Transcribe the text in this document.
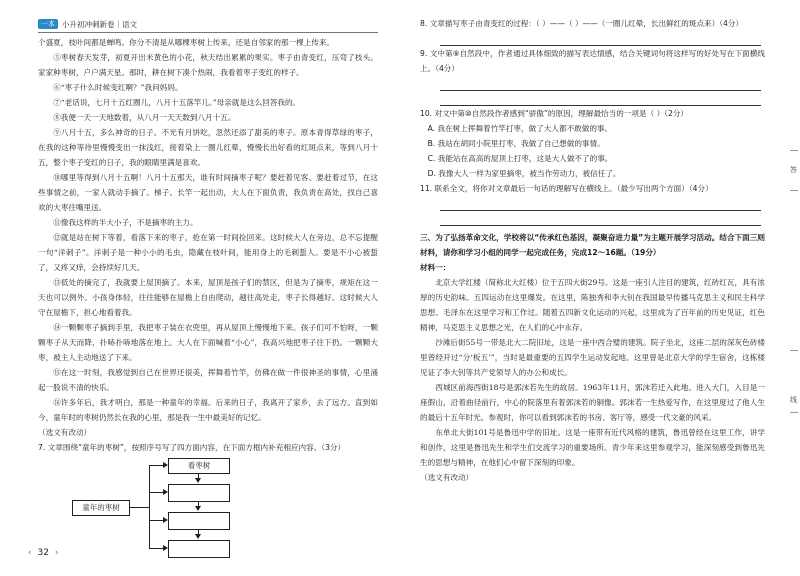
一本 小升初冲刺新卷｜语文

个盛夏，枝叶间都是蝉鸣。你分不清是从哪棵枣树上传来，还是自邻家的那一棵上传来。

⑤枣树春天发芽，初夏开出米黄色的小花，秋天结出累累的果实。枣子由青变红，压弯了枝头。家家种枣树，户户满天星。那时，耕在树下凑个热闹，我看着枣子变红的样子。

⑥“枣子什么时候变红啊？”我问妈妈。

⑦“老话说，七月十五红圈儿，八月十五落竿儿。”母亲就是这么回答我的。

⑧我便一天一天地数着，从八月一天天数到八月十五。

⑨八月十五，多么神奇的日子。不光有月饼吃，忽然还添了甜美的枣子。原本青得草绿的枣子，在我的这种等待里慢慢变出一抹浅红，接着染上一圈儿红晕，慢慢长出好看的红斑点来，等到八月十五，整个枣子变红的日子，我的眼睛里满是喜欢。

⑩哪里等得到八月十五啊！八月十五那天，谁有时间摘枣子呢？要赶着见客、要赶着过节，在这些事情之前，一家人就动手摘了。梯子、长竿一起出动，大人在下面负责，我负责在高处，找自己喜欢的大枣往嘴里送。

⑪像我这样的半大小子，不是摘枣的主力。

⑫就是站在树下等着，看落下来的枣子，抢在第一时间捡回来。这时候大人在旁边，总不忘提醒一句“洋刺子”。洋刺子是一种小小的毛虫，隐藏在枝叶间，能用身上的毛刺蜇人。要是不小心被蜇了，又疼又痒，会持续好几天。

⑬低处的摘完了，我就要上屋顶摘了。本来，屋顶是孩子们的禁区，但是为了摘枣，规矩在这一天也可以例外。小孩身体轻，往往能够在屋檐上自由爬动，越往高处走，枣子长得越好。这时候大人守在屋檐下，担心地看着我。

⑭一颗颗枣子摘到手里，我把枣子装在衣兜里，再从屋顶上慢慢地下来。孩子们可不怕呀，一颗颗枣子从天而降，扑哧扑哧地落在地上。大人在下面喊着“小心”，我高兴地把枣子往下扔。一颗颗大枣，被主人主动地送了下来。

⑮在这一时刻，我感觉到自己在世界还很美，挥舞着竹竿，仿佛在做一件很神圣的事情，心里涌起一股说不清的快乐。

⑯许多年后，我才明白，那是一种童年的幸福。后来的日子，我离开了家乡，去了远方。直到如今，童年时的枣树仍然长在我的心里，那是我一生中最美好的记忆。

（选文有改动）

7. 文章围绕“童年的枣树”，按照序号写了四方面内容，在下面方框内补充相应内容。（3分）

看枣树
童年的枣树

8. 文章描写枣子由青变红的过程：（ ）——（ ）——（一圈儿红晕，长出鲜红的斑点来）（4分）

9. 文中第⑨自然段中，作者通过具体细致的描写表达情感，结合关键词句将这样写的好处写在下面横线上。（4分）

10. 对文中第⑩自然段作者感到“骄傲”的原因，理解最恰当的一项是（ ）（2分）

A. 我在树上挥舞着竹竿打枣，做了大人都不敢做的事。

B. 我站在胡同小院里打枣，我做了自己想做的事情。

C. 我能站在高高的屋顶上打枣，这是大人做不了的事。

D. 我像大人一样为家里摘枣，被当作劳动力，被信任了。

11. 联系全文，将你对文章最后一句话的理解写在横线上。（最少写出两个方面）（4分）

三、为了弘扬革命文化，学校将以“传承红色基因，凝聚奋进力量”为主题开展学习活动。结合下面三则材料，请你和学习小组的同学一起完成任务，完成12～16题。（19分）

材料一：

北京大学红楼（简称北大红楼）位于五四大街29号。这是一座引人注目的建筑，红砖红瓦，具有浓厚的历史韵味。五四运动在这里爆发。在这里，陈独秀和李大钊在我国最早传播马克思主义和民主科学思想。毛泽东在这里学习和工作过。随着五四新文化运动的兴起，这里成为了百年前的历史见证，红色精神，马克思主义思想之光，在人们的心中永存。

沙滩后街55号一带是北大二院旧址，这是一座中西合璧的建筑。院子坐北，这座二层的深灰色砖楼里曾经开过“分‘板五’”，当时是最重要的五四学生运动发起地。这里曾是北京大学的学生宿舍，这栋楼见证了李大钊等共产党领导人的办公和成长。

西城区前海西街18号是郭沫若先生的故居。1963年11月，郭沫若迁入此地。进入大门，入目是一座假山，沿着曲径前行，中心的院落里有着郭沫若的铜像。郭沫若一生热爱写作，在这里度过了他人生的最后十五年时光。参观时，你可以看到郭沫若的书房、客厅等，感受一代文豪的风采。

东单北大街101号是鲁迅中学的旧址。这是一座带有近代风格的建筑，鲁迅曾经在这里工作，讲学和创作，这里是鲁迅先生和学生们交流学习的重要场所。青少年来这里参观学习，能深刻感受到鲁迅先生的思想与精神，在他们心中留下深刻的印象。

（选文有改动）

‹ 32 ›
答
线
